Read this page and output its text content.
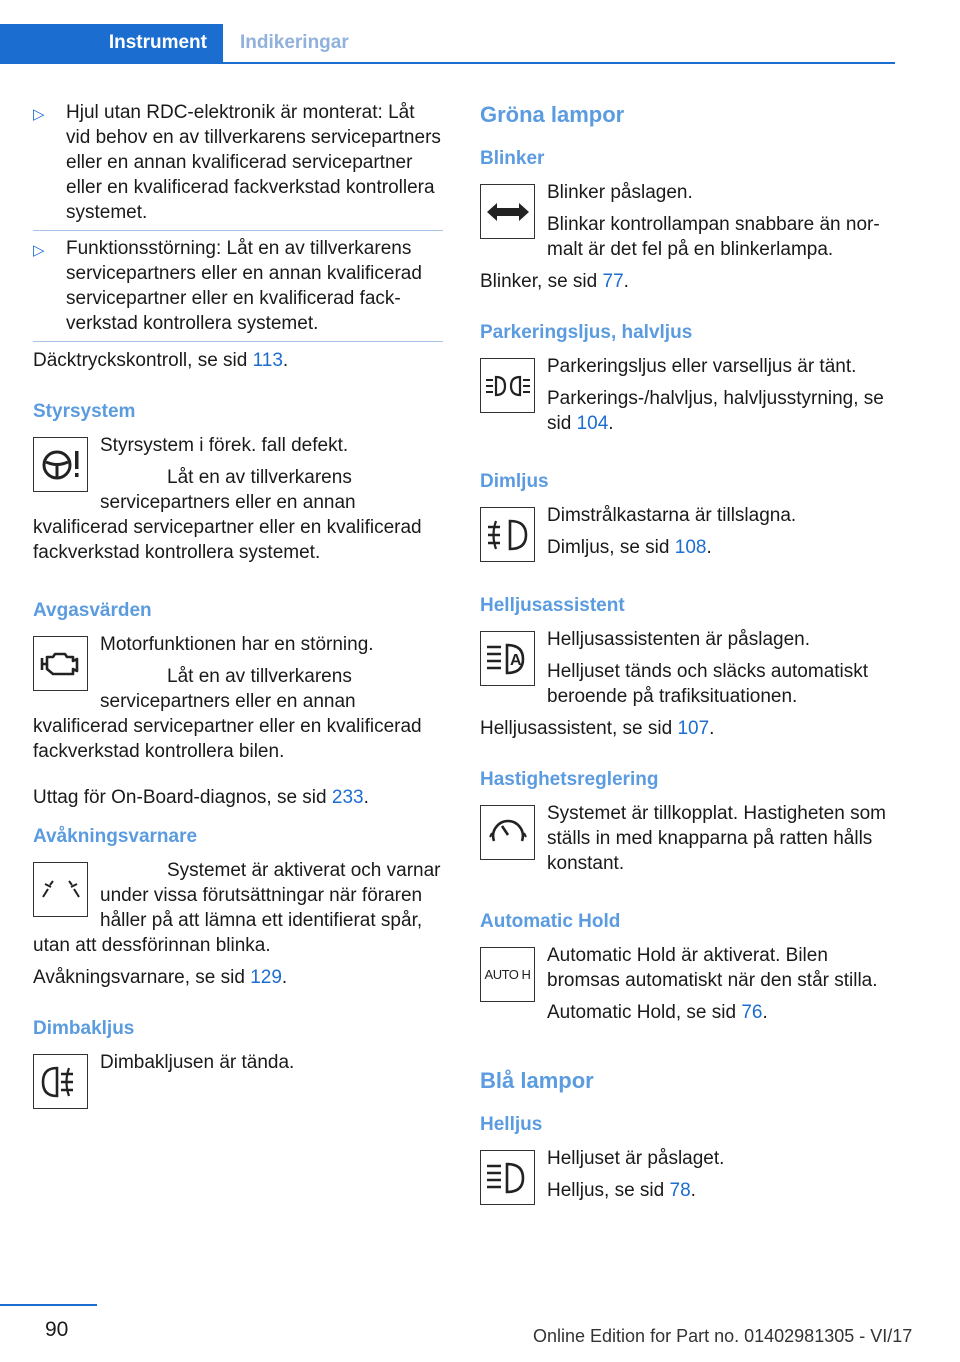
Instrument	Indikeringar
▷ Hjul utan RDC-elektronik är monterat: Låt vid behov en av tillverkarens servicepartners eller en annan kvalificerad servicepartner eller en kvalificerad fackverkstad kontrollera systemet.
▷ Funktionsstörning: Låt en av tillverkarens servicepartners eller en annan kvalificerad servicepartner eller en kvalificerad fackverkstad kontrollera systemet.

Däcktryckskontroll, se sid 113.

Styrsystem

Styrsystem i förek. fall defekt.

Låt en av tillverkarens servicepartners eller en annan kvalificerad servicepartner eller en kvalificerad fackverkstad kontrollera systemet.

Avgasvärden

Motorfunktionen har en störning.

Låt en av tillverkarens servicepartners eller en annan kvalificerad servicepartner eller en kvalificerad fackverkstad kontrollera bilen.

Uttag för On-Board-diagnos, se sid 233.

Avåkningsvarnare

Systemet är aktiverat och varnar under vissa förutsättningar när föraren håller på att lämna ett identifierat spår, utan att dessförinnan blinka.

Avåkningsvarnare, se sid 129.

Dimbakljus

Dimbakljusen är tända.

Gröna lampor
Blinker

Blinker påslagen.

Blinkar kontrollampan snabbare än normalt är det fel på en blinkerlampa.

Blinker, se sid 77.

Parkeringsljus, halvljus

Parkeringsljus eller varselljus är tänt.

Parkerings-/halvljus, halvljusstyrning, se sid 104.

Dimljus

Dimstrålkastarna är tillslagna.

Dimljus, se sid 108.

Helljusassistent
A

Helljusassistenten är påslagen.

Helljuset tänds och släcks automatiskt beroende på trafiksituationen.

Helljusassistent, se sid 107.

Hastighetsreglering

Systemet är tillkopplat. Hastigheten som ställs in med knapparna på ratten hålls konstant.

Automatic Hold
AUTO H

Automatic Hold är aktiverat. Bilen bromsas automatiskt när den står stilla.

Automatic Hold, se sid 76.

Blå lampor
Helljus

Helljuset är påslaget.

Helljus, se sid 78.

90	Online Edition for Part no. 01402981305 - VI/17
